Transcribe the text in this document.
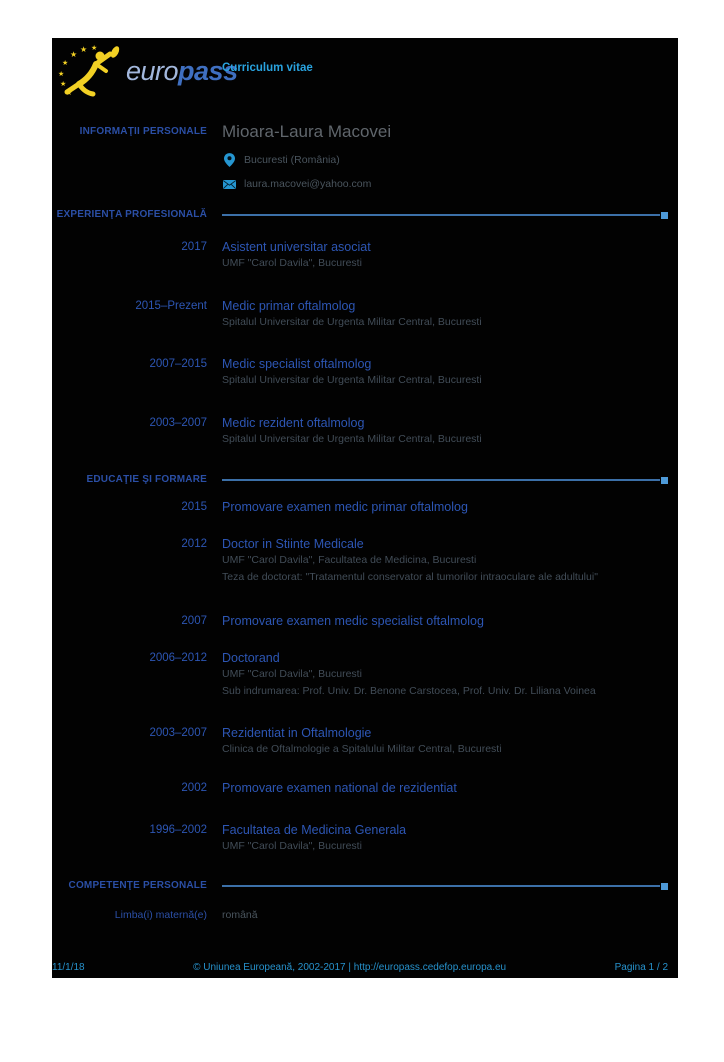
★
★ ★
★
★
★
★
europass
Curriculum vitae
INFORMAŢII PERSONALE Mioara-Laura Macovei
Bucuresti (România)
laura.macovei@yahoo.com
EXPERIENŢA PROFESIONALĂ
2017 Asistent universitar asociat
UMF "Carol Davila", Bucuresti
2015–Prezent Medic primar oftalmolog
Spitalul Universitar de Urgenta Militar Central, Bucuresti
2007–2015 Medic specialist oftalmolog
Spitalul Universitar de Urgenta Militar Central, Bucuresti
2003–2007 Medic rezident oftalmolog
Spitalul Universitar de Urgenta Militar Central, Bucuresti
EDUCAŢIE ŞI FORMARE
2015 Promovare examen medic primar oftalmolog
2012 Doctor in Stiinte Medicale
UMF "Carol Davila", Facultatea de Medicina, Bucuresti
Teza de doctorat: "Tratamentul conservator al tumorilor intraoculare ale adultului"
2007 Promovare examen medic specialist oftalmolog
2006–2012 Doctorand
UMF "Carol Davila", Bucuresti
Sub indrumarea: Prof. Univ. Dr. Benone Carstocea, Prof. Univ. Dr. Liliana Voinea
2003–2007 Rezidentiat in Oftalmologie
Clinica de Oftalmologie a Spitalului Militar Central, Bucuresti
2002 Promovare examen national de rezidentiat
1996–2002 Facultatea de Medicina Generala
UMF "Carol Davila", Bucuresti
COMPETENŢE PERSONALE
Limba(i) maternă(e) română
11/1/18	© Uniunea Europeană, 2002-2017 | http://europass.cedefop.europa.eu	Pagina 1 / 2
